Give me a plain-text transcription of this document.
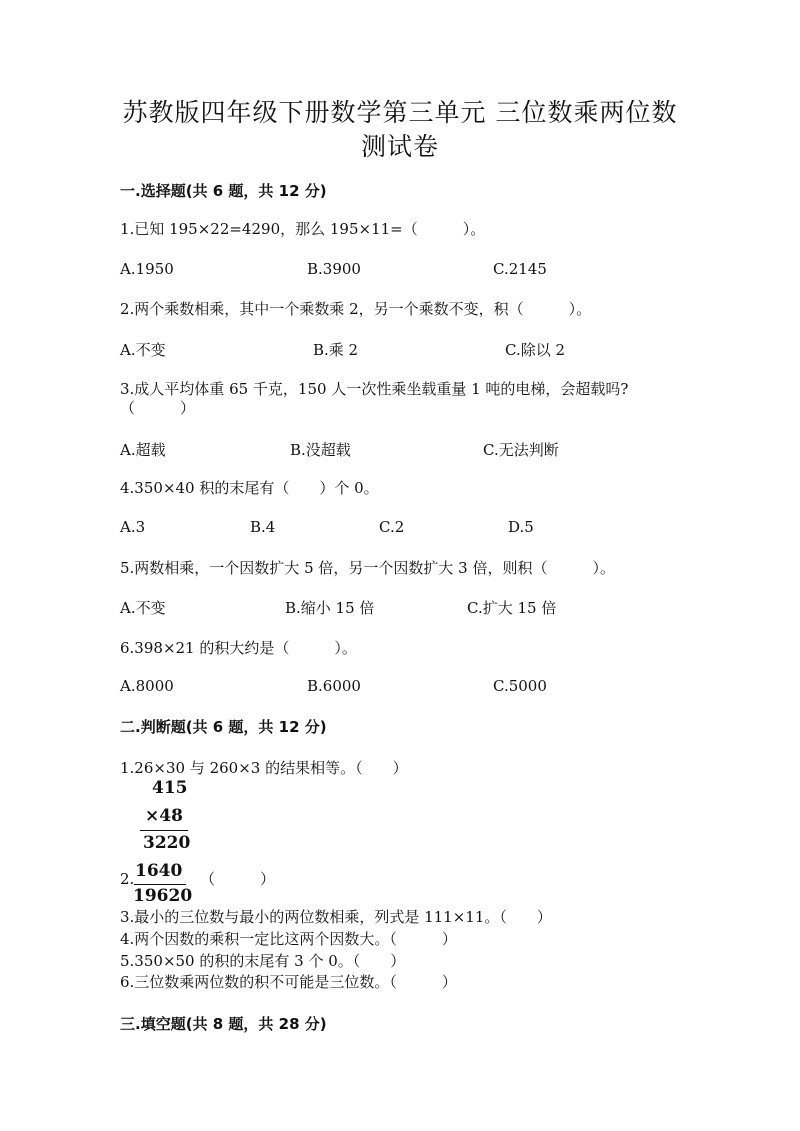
苏教版四年级下册数学第三单元 三位数乘两位数
测试卷
一.选择题(共 6 题，共 12 分)
1.已知 195×22=4290，那么 195×11=（　　　）。
A.1950	B.3900	C.2145
2.两个乘数相乘，其中一个乘数乘 2，另一个乘数不变，积（　　　）。
A.不变	B.乘 2	C.除以 2
3.成人平均体重 65 千克，150 人一次性乘坐载重量 1 吨的电梯，会超载吗?
（　　　）
A.超载	B.没超载	C.无法判断
4.350×40 积的末尾有（　　）个 0。
A.3	B.4	C.2	D.5
5.两数相乘，一个因数扩大 5 倍，另一个因数扩大 3 倍，则积（　　　）。
A.不变	B.缩小 15 倍	C.扩大 15 倍
6.398×21 的积大约是（　　　）。
A.8000	B.6000	C.5000
二.判断题(共 6 题，共 12 分)
1.26×30 与 260×3 的结果相等。（　　）
415
×48
3220
1640
19620
2.	（　　　）
3.最小的三位数与最小的两位数相乘，列式是 111×11。（　　）
4.两个因数的乘积一定比这两个因数大。（　　　）
5.350×50 的积的末尾有 3 个 0。（　　）
6.三位数乘两位数的积不可能是三位数。（　　　）
三.填空题(共 8 题，共 28 分)
